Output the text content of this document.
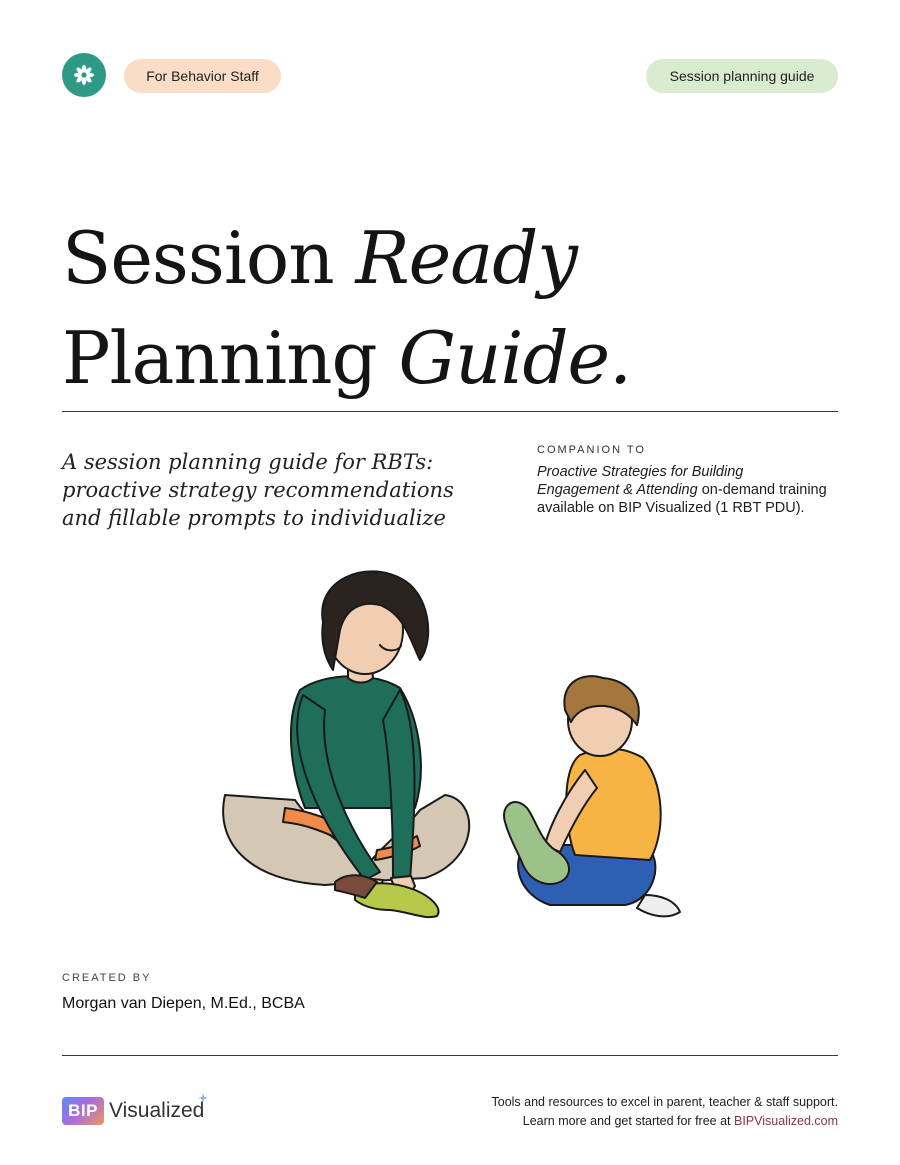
For Behavior Staff	Session planning guide
Session Ready
Planning Guide.

A session planning guide for RBTs: proactive strategy recommendations and fillable prompts to individualize

COMPANION TO
Proactive Strategies for Building Engagement & Attending on-demand training available on BIP Visualized (1 RBT PDU).
CREATED BY
Morgan van Diepen, M.Ed., BCBA
BIP Visualized	Tools and resources to excel in parent, teacher & staff support.
Learn more and get started for free at BIPVisualized.com
